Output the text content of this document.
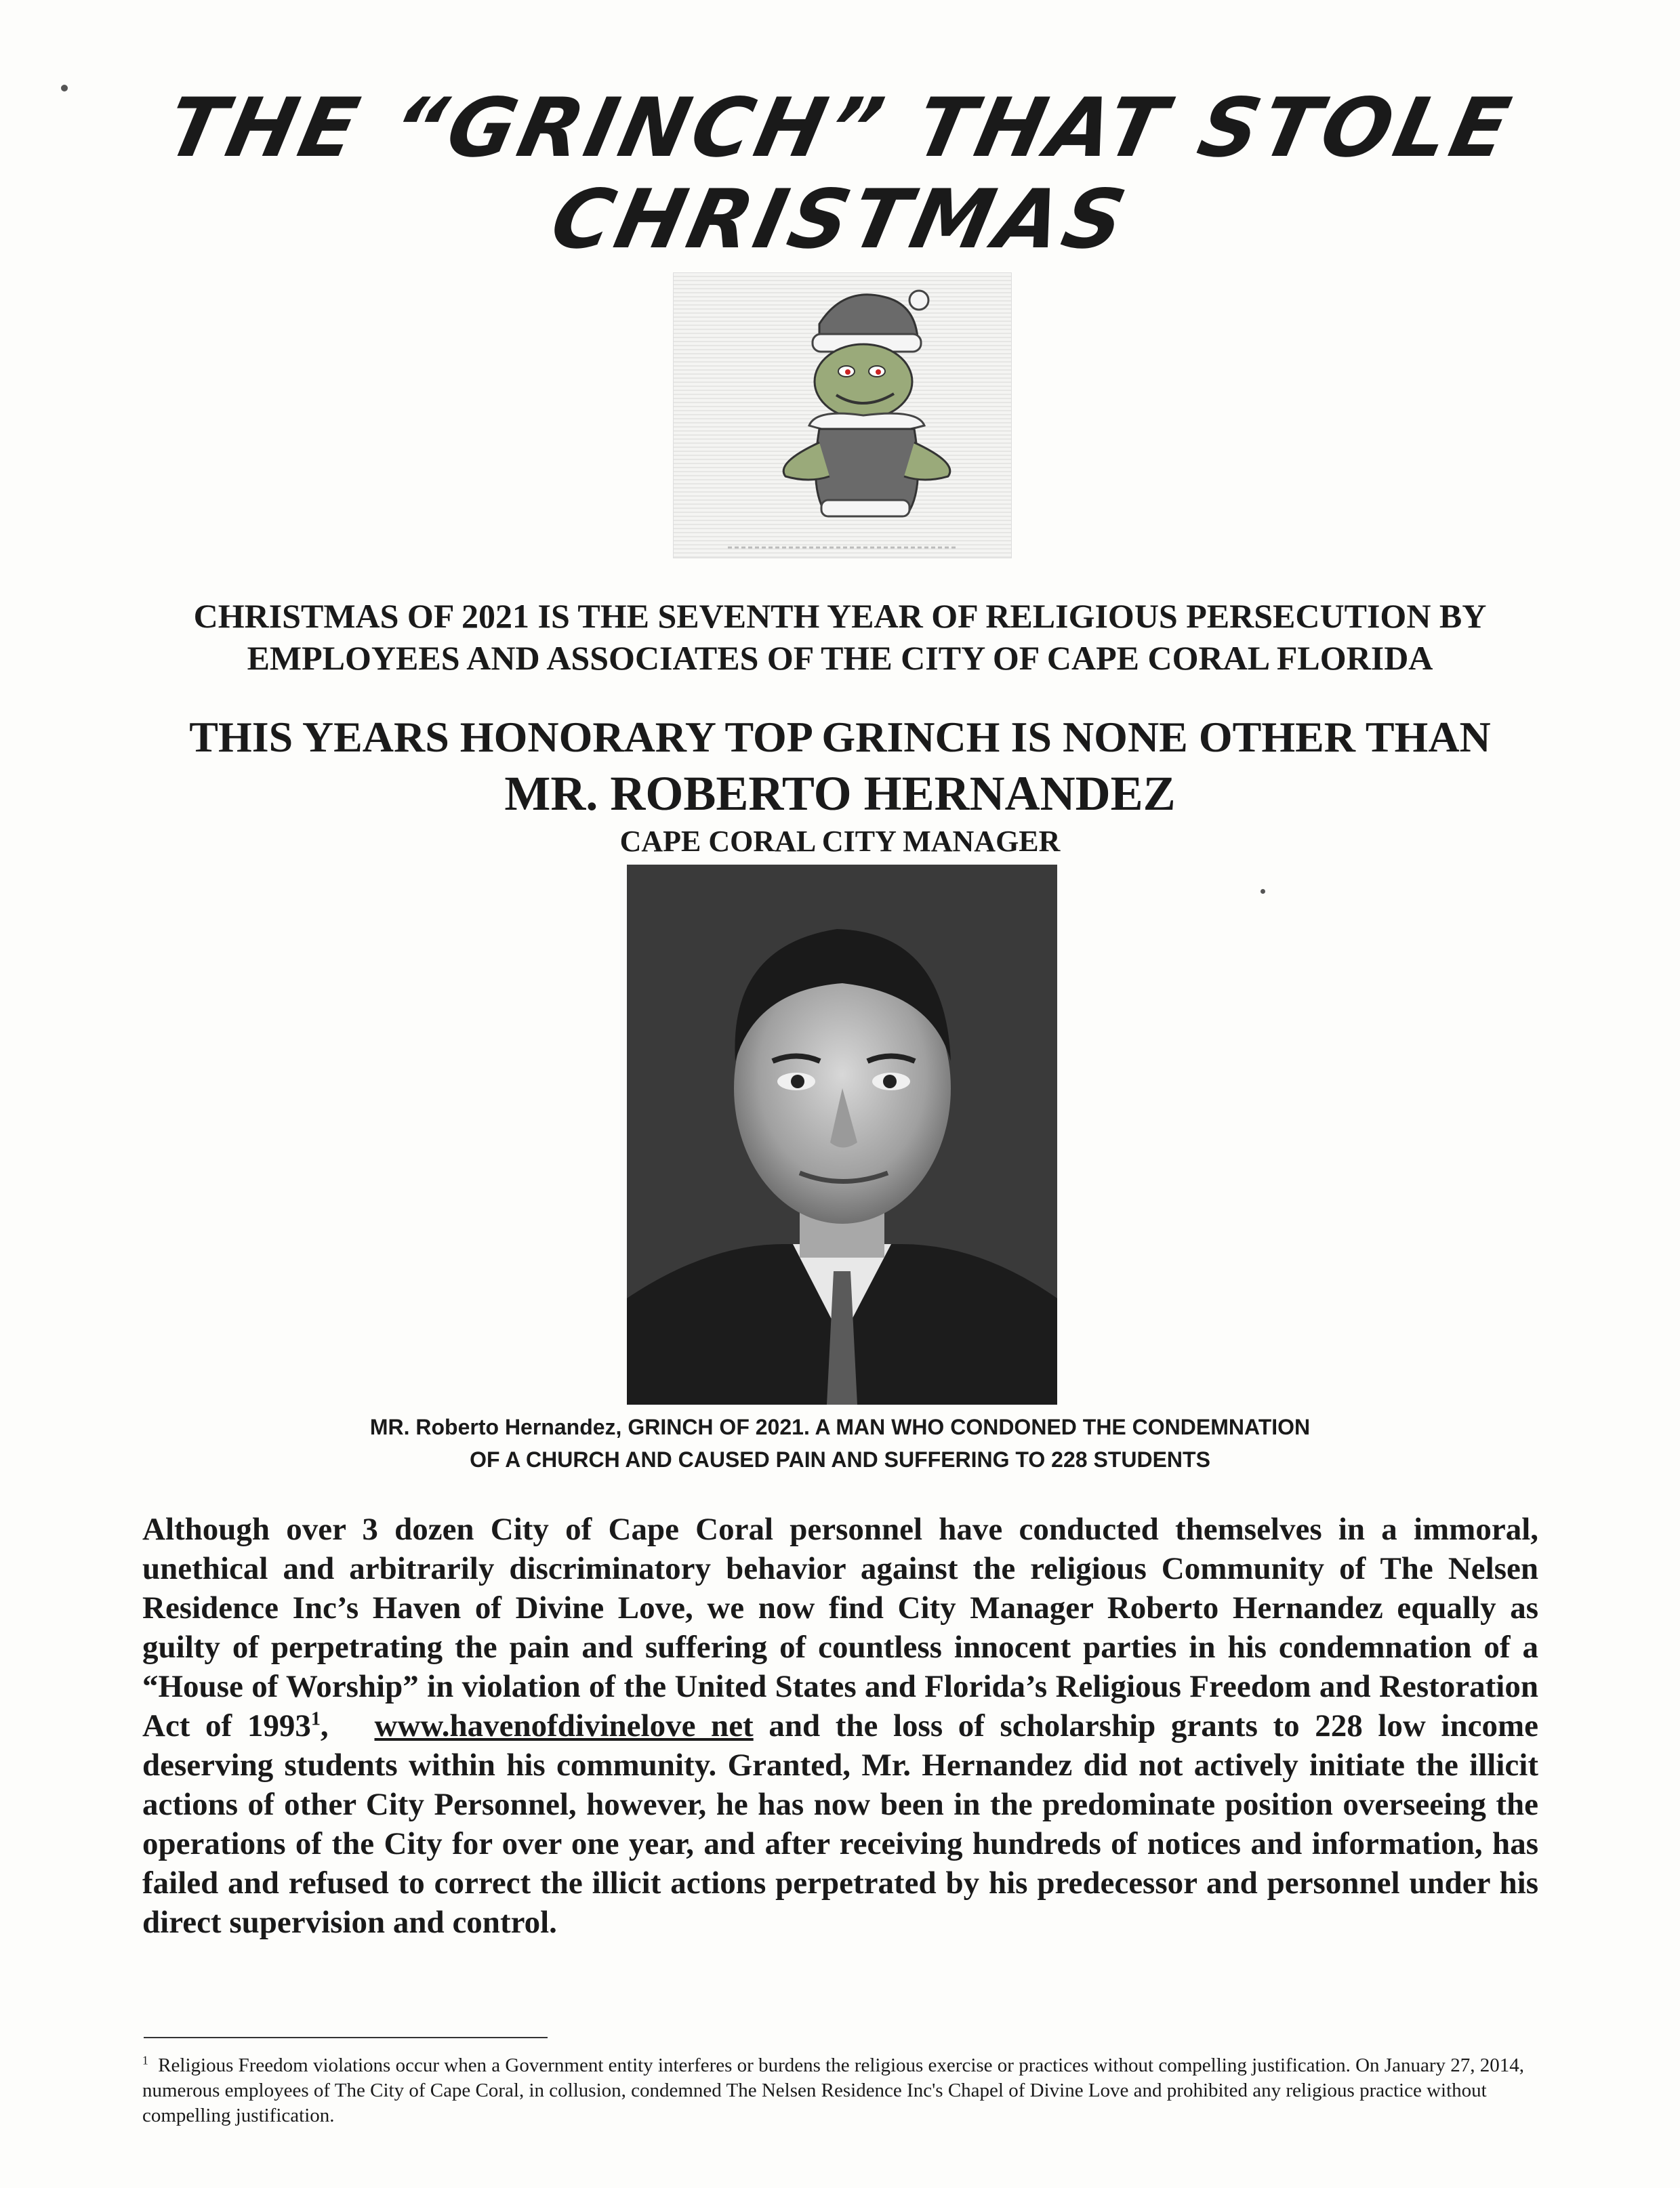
THE “GRINCH” THAT STOLE
CHRISTMAS
CHRISTMAS OF 2021 IS THE SEVENTH YEAR OF RELIGIOUS PERSECUTION BY
EMPLOYEES AND ASSOCIATES OF THE CITY OF CAPE CORAL FLORIDA
THIS YEARS HONORARY TOP GRINCH IS NONE OTHER THAN
MR. ROBERTO HERNANDEZ
CAPE CORAL CITY MANAGER
MR. Roberto Hernandez, GRINCH OF 2021. A MAN WHO CONDONED THE CONDEMNATION
OF A CHURCH AND CAUSED PAIN AND SUFFERING TO 228 STUDENTS
Although over 3 dozen City of Cape Coral personnel have conducted themselves in a immoral, unethical and arbitrarily discriminatory behavior against the religious Community of The Nelsen Residence Inc’s Haven of Divine Love, we now find City Manager Roberto Hernandez equally as guilty of perpetrating the pain and suffering of countless innocent parties in his condemnation of a “House of Worship” in violation of the United States and Florida’s Religious Freedom and Restoration Act of 1993$^1$, www.havenofdivinelove net and the loss of scholarship grants to 228 low income deserving students within his community. Granted, Mr. Hernandez did not actively initiate the illicit actions of other City Personnel, however, he has now been in the predominate position overseeing the operations of the City for over one year, and after receiving hundreds of notices and information, has failed and refused to correct the illicit actions perpetrated by his predecessor and personnel under his direct supervision and control.
$^1$ Religious Freedom violations occur when a Government entity interferes or burdens the religious exercise or practices without compelling justification. On January 27, 2014, numerous employees of The City of Cape Coral, in collusion, condemned The Nelsen Residence Inc's Chapel of Divine Love and prohibited any religious practice without compelling justification.
